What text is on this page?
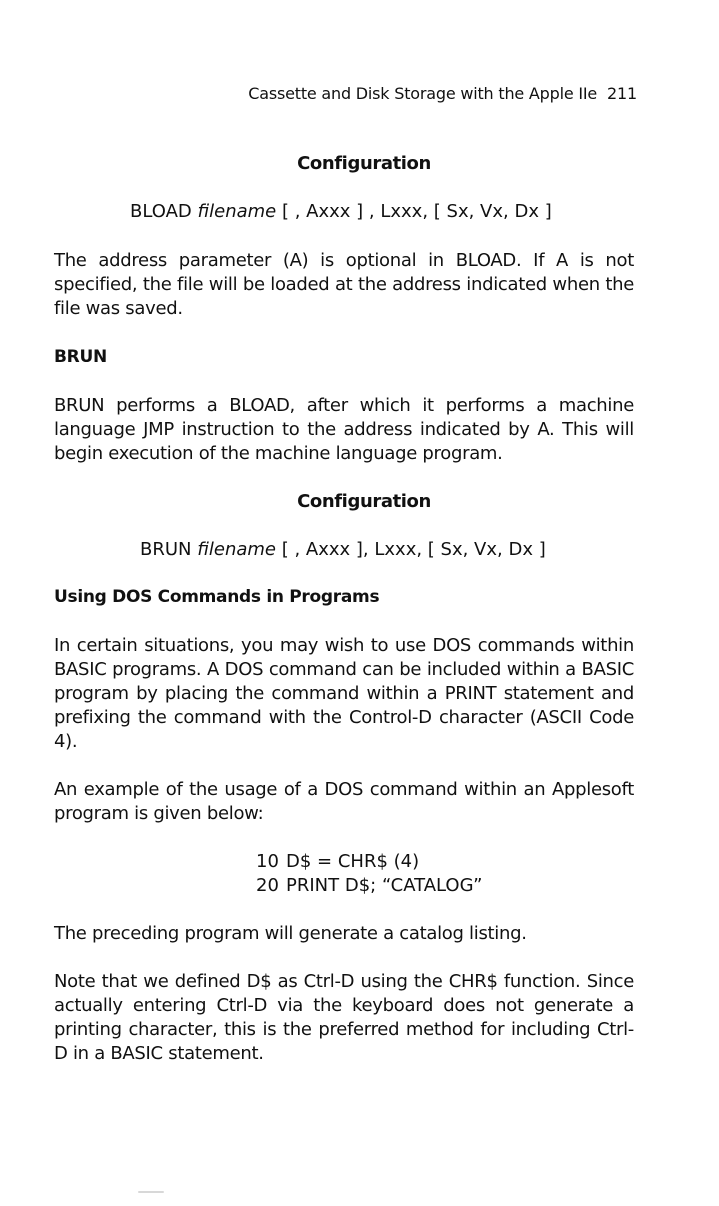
Cassette and Disk Storage with the Apple IIe 211
Configuration

BLOAD filename [ , Axxx ] , Lxxx, [ Sx, Vx, Dx ]

The address parameter (A) is optional in BLOAD. If A is not specified, the file will be loaded at the address indicated when the file was saved.

BRUN

BRUN performs a BLOAD, after which it performs a machine language JMP instruction to the address indicated by A. This will begin execution of the machine language program.

Configuration

BRUN filename [ , Axxx ], Lxxx, [ Sx, Vx, Dx ]

Using DOS Commands in Programs

In certain situations, you may wish to use DOS commands within BASIC programs. A DOS command can be included within a BASIC program by placing the command within a PRINT statement and prefixing the command with the Control-D character (ASCII Code 4).

An example of the usage of a DOS command within an Applesoft program is given below:

10 D$ = CHR$ (4)

20 PRINT D$; “CATALOG”

The preceding program will generate a catalog listing.

Note that we defined D$ as Ctrl-D using the CHR$ function. Since actually entering Ctrl-D via the keyboard does not generate a printing character, this is the preferred method for including Ctrl-D in a BASIC statement.
